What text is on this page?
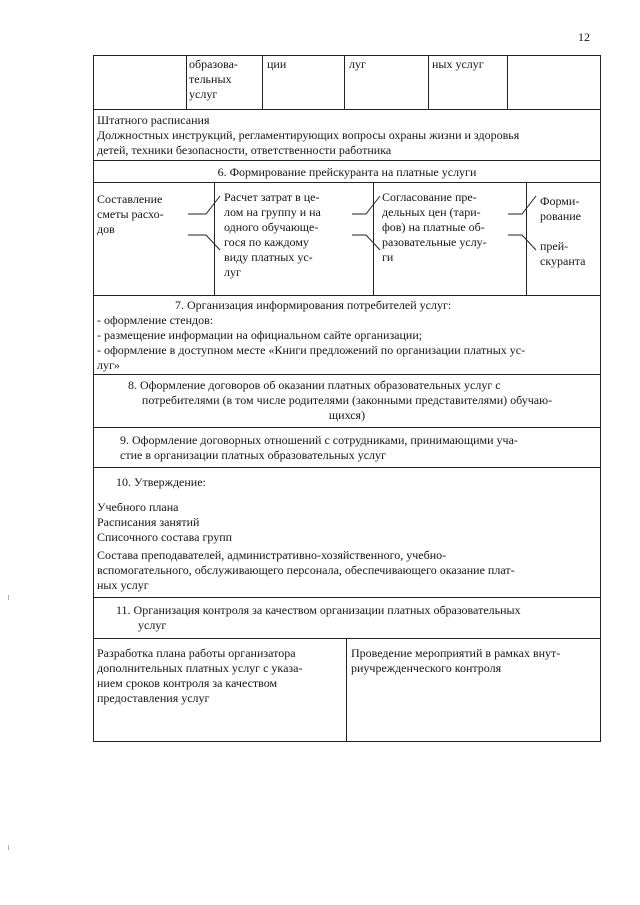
12
образова-
тельных
услуг
ции	луг	ных услуг
Штатного расписания
Должностных инструкций, регламентирующих вопросы охраны жизни и здоровья
детей, техники безопасности, ответственности работника
6. Формирование прейскуранта на платные услуги
Составление
сметы расхо-
дов
Расчет затрат в це-
лом на группу и на
одного обучающе-
гося по каждому
виду платных ус-
луг
Согласование пре-
дельных цен (тари-
фов) на платные об-
разовательные услу-
ги
Форми-
рование

прей-
скуранта
7. Организация информирования потребителей услуг:
- оформление стендов:
- размещение информации на официальном сайте организации;
- оформление в доступном месте «Книги предложений по организации платных ус-
луг»
8. Оформление договоров об оказании платных образовательных услуг с
потребителями (в том числе родителями (законными представителями) обучаю-
щихся)
9. Оформление договорных отношений с сотрудниками, принимающими уча-
стие в организации платных образовательных услуг
10. Утверждение:
Учебного плана
Расписания занятий
Списочного состава групп
Состава преподавателей, административно-хозяйственного, учебно-
вспомогательного, обслуживающего персонала, обеспечивающего оказание плат-
ных услуг
11. Организация контроля за качеством организации платных образовательных
услуг
Разработка плана работы организатора
дополнительных платных услуг с указа-
нием сроков контроля за качеством
предоставления услуг
Проведение мероприятий в рамках внут-
риучрежденческого контроля
